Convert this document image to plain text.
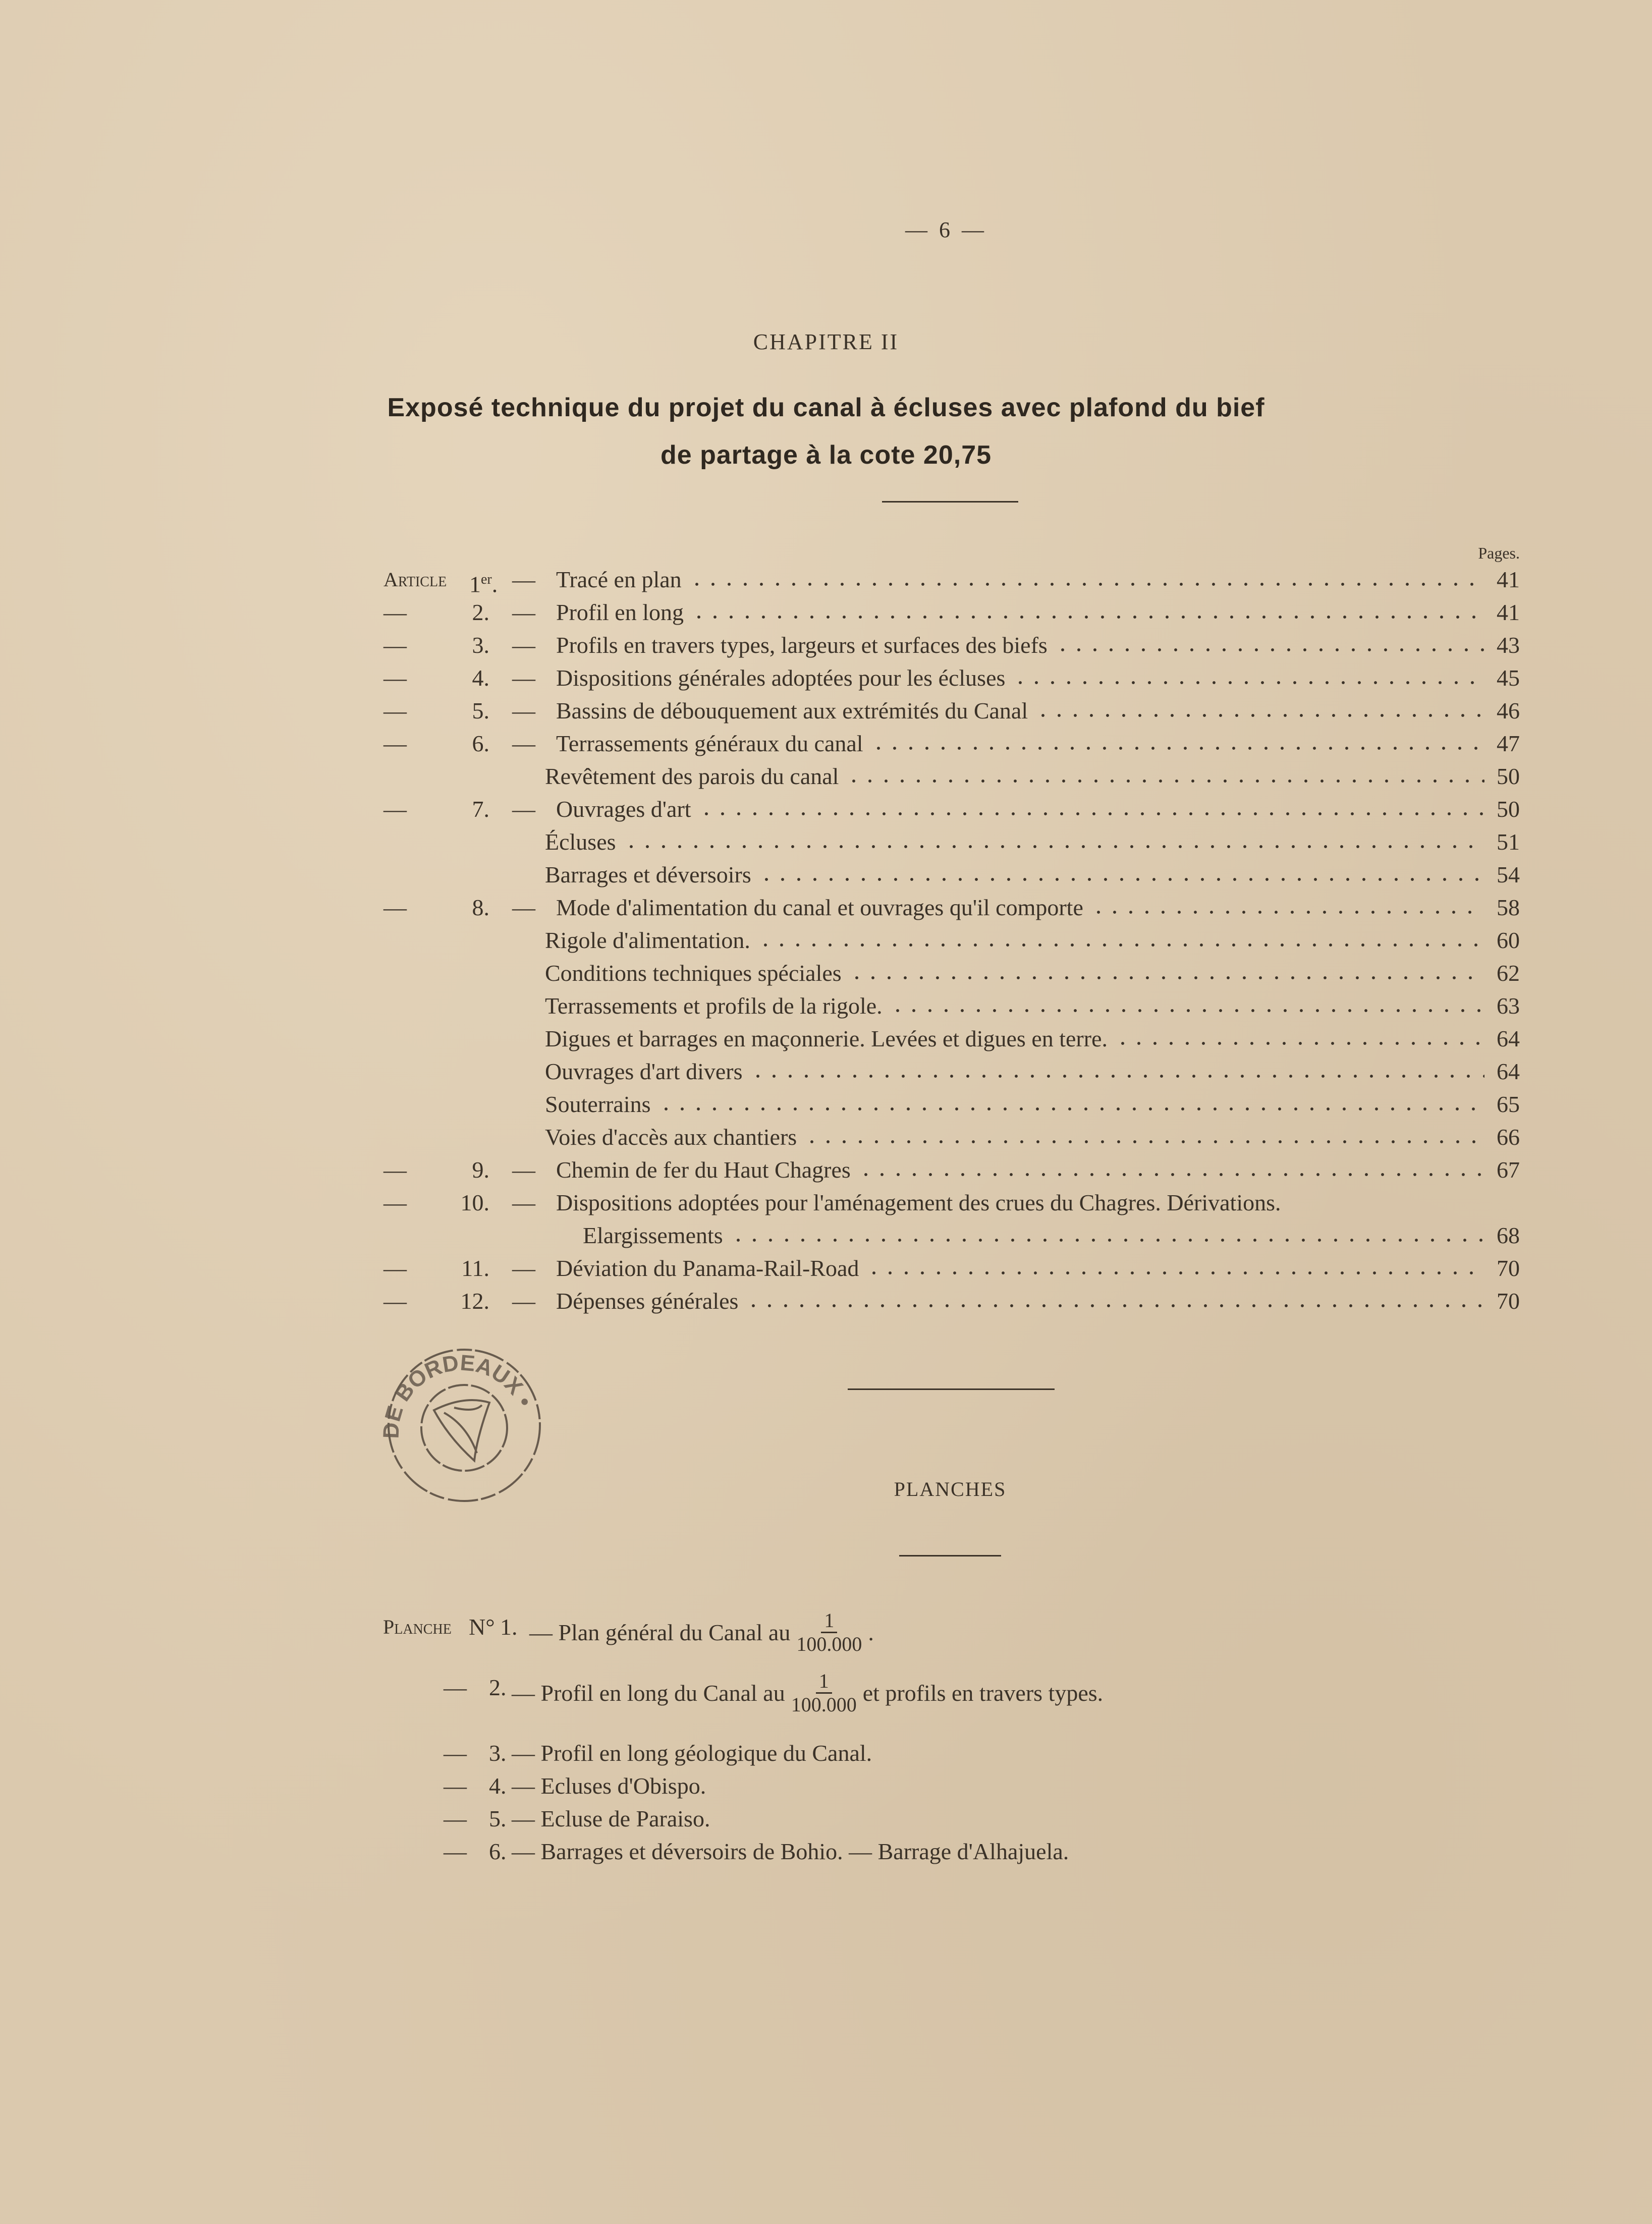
— 6 —
CHAPITRE II
Exposé technique du projet du canal à écluses avec plafond du bief
de partage à la cote 20,75
Pages.
Article 1er. — Tracé en plan	41
—	2. — Profil en long	41
—	3. — Profils en travers types, largeurs et surfaces des biefs	43
—	4. — Dispositions générales adoptées pour les écluses	45
—	5. — Bassins de débouquement aux extrémités du Canal	46
—	6. — Terrassements généraux du canal	47
Revêtement des parois du canal	50
—	7. — Ouvrages d'art	50
Écluses	51
Barrages et déversoirs	54
—	8. — Mode d'alimentation du canal et ouvrages qu'il comporte	58
Rigole d'alimentation.	60
Conditions techniques spéciales	62
Terrassements et profils de la rigole.	63
Digues et barrages en maçonnerie. Levées et digues en terre.	64
Ouvrages d'art divers	64
Souterrains	65
Voies d'accès aux chantiers	66
—	9. — Chemin de fer du Haut Chagres	67
—	10. — Dispositions adoptées pour l'aménagement des crues du Chagres. Dérivations.
Elargissements	68
—	11. — Déviation du Panama-Rail-Road	70
—	12. — Dépenses générales	70
DE BORDEAUX •
PLANCHES
Planche N° 1. — Plan général du Canal au $\frac{1}{100.000}$ .
— 2. — Profil en long du Canal au $\frac{1}{100.000}$ et profils en travers types.
— 3. — Profil en long géologique du Canal.
— 4. — Ecluses d'Obispo.
— 5. — Ecluse de Paraiso.
— 6. — Barrages et déversoirs de Bohio. — Barrage d'Alhajuela.
